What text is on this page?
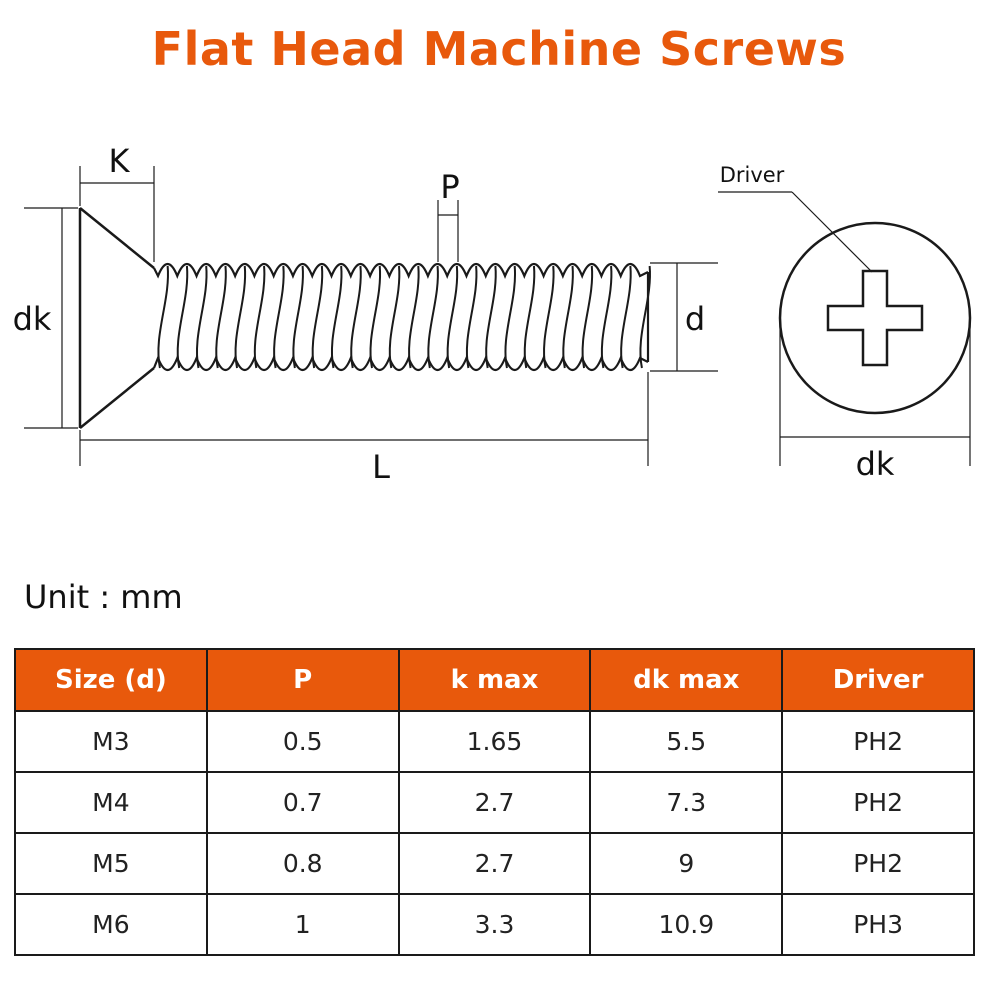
Flat Head Machine Screws
K
P
dk	d
L
Driver
dk
Unit : mm
Size (d)	P	k max	dk max	Driver
M3	0.5	1.65	5.5	PH2
M4	0.7	2.7	7.3	PH2
M5	0.8	2.7	9	PH2
M6	1	3.3	10.9	PH3
